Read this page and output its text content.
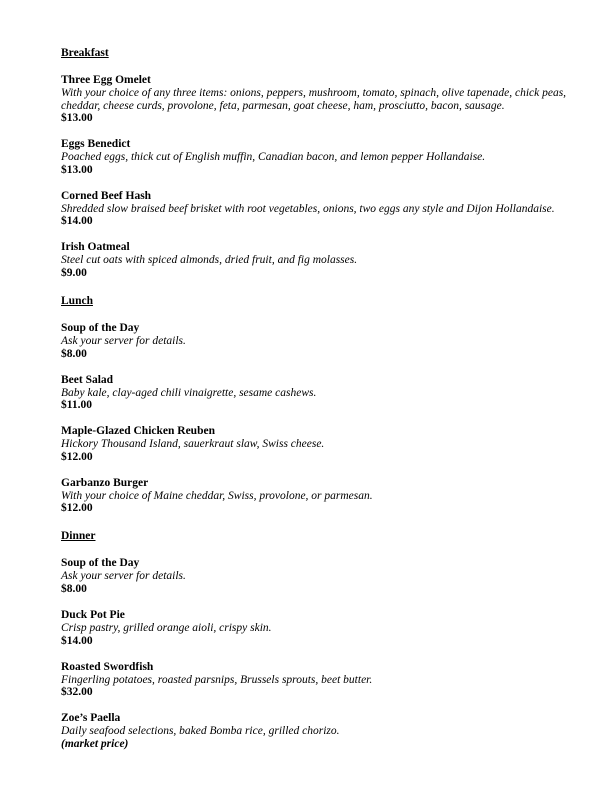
Breakfast
Three Egg Omelet
With your choice of any three items: onions, peppers, mushroom, tomato, spinach, olive tapenade, chick peas, cheddar, cheese curds, provolone, feta, parmesan, goat cheese, ham, prosciutto, bacon, sausage.
$13.00
Eggs Benedict
Poached eggs, thick cut of English muffin, Canadian bacon, and lemon pepper Hollandaise.
$13.00
Corned Beef Hash
Shredded slow braised beef brisket with root vegetables, onions, two eggs any style and Dijon Hollandaise.
$14.00
Irish Oatmeal
Steel cut oats with spiced almonds, dried fruit, and fig molasses.
$9.00
Lunch
Soup of the Day
Ask your server for details.
$8.00
Beet Salad
Baby kale, clay-aged chili vinaigrette, sesame cashews.
$11.00
Maple-Glazed Chicken Reuben
Hickory Thousand Island, sauerkraut slaw, Swiss cheese.
$12.00
Garbanzo Burger
With your choice of Maine cheddar, Swiss, provolone, or parmesan.
$12.00
Dinner
Soup of the Day
Ask your server for details.
$8.00
Duck Pot Pie
Crisp pastry, grilled orange aioli, crispy skin.
$14.00
Roasted Swordfish
Fingerling potatoes, roasted parsnips, Brussels sprouts, beet butter.
$32.00
Zoe’s Paella
Daily seafood selections, baked Bomba rice, grilled chorizo.
(market price)
